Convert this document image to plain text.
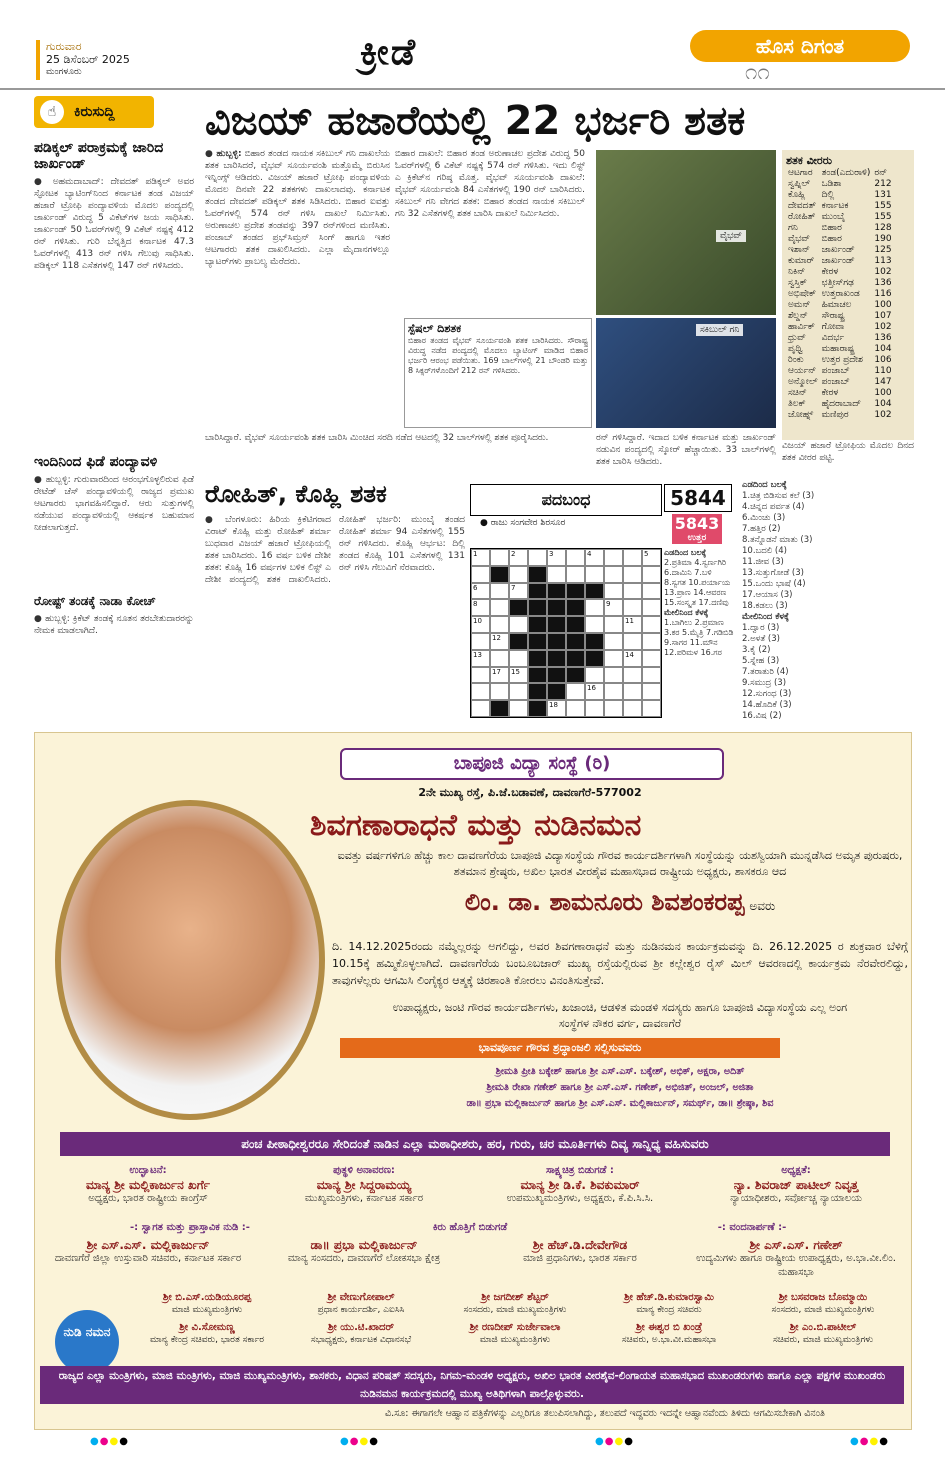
ಗುರುವಾರ
25 ಡಿಸೆಂಬರ್ 2025
ಮಂಗಳೂರು	ಕ್ರೀಡೆ	ಹೊಸ ದಿಗಂತ
೧೧
ಕಿರುಸುದ್ದಿ
☝	ವಿಜಯ್ ಹಜಾರೆಯಲ್ಲಿ 22 ಭರ್ಜರಿ ಶತಕ
ಪಡಿಕ್ಕಲ್ ಪರಾಕ್ರಮಕ್ಕೆ ಜಾರಿದ ಜಾರ್ಖಂಡ್
● ಅಹಮದಾಬಾದ್: ದೇವದತ್ ಪಡಿಕ್ಕಲ್ ಅವರ ಸ್ಫೋಟಕ ಬ್ಯಾಟಿಂಗ್‌ನಿಂದ ಕರ್ನಾಟಕ ತಂಡ ವಿಜಯ್ ಹಜಾರೆ ಟ್ರೋಫಿ ಪಂದ್ಯಾವಳಿಯ ಮೊದಲ ಪಂದ್ಯದಲ್ಲಿ ಜಾರ್ಖಂಡ್ ವಿರುದ್ಧ 5 ವಿಕೆಟ್‌ಗಳ ಜಯ ಸಾಧಿಸಿತು. ಜಾರ್ಖಂಡ್ 50 ಓವರ್‌ಗಳಲ್ಲಿ 9 ವಿಕೆಟ್ ನಷ್ಟಕ್ಕೆ 412 ರನ್ ಗಳಿಸಿತು. ಗುರಿ ಬೆನ್ನತ್ತಿದ ಕರ್ನಾಟಕ 47.3 ಓವರ್‌ಗಳಲ್ಲಿ 413 ರನ್ ಗಳಿಸಿ ಗೆಲುವು ಸಾಧಿಸಿತು. ಪಡಿಕ್ಕಲ್ 118 ಎಸೆತಗಳಲ್ಲಿ 147 ರನ್ ಗಳಿಸಿದರು.
ಇಂದಿನಿಂದ ಫಿಡೆ ಪಂದ್ಯಾವಳಿ
● ಹುಬ್ಬಳ್ಳಿ: ಗುರುವಾರದಿಂದ ಆರಂಭಗೊಳ್ಳಲಿರುವ ಫಿಡೆ ರೇಟೆಡ್ ಚೆಸ್ ಪಂದ್ಯಾವಳಿಯಲ್ಲಿ ರಾಜ್ಯದ ಪ್ರಮುಖ ಆಟಗಾರರು ಭಾಗವಹಿಸಲಿದ್ದಾರೆ. ಆರು ಸುತ್ತುಗಳಲ್ಲಿ ನಡೆಯುವ ಪಂದ್ಯಾವಳಿಯಲ್ಲಿ ಆಕರ್ಷಕ ಬಹುಮಾನ ನೀಡಲಾಗುತ್ತದೆ.
ರೋಷ್ಟ್ ತಂಡಕ್ಕೆ ನಾಡಾ ಕೋಚ್
● ಹುಬ್ಬಳ್ಳಿ: ಕ್ರಿಕೆಟ್ ತಂಡಕ್ಕೆ ನೂತನ ತರಬೇತುದಾರರನ್ನು ನೇಮಕ ಮಾಡಲಾಗಿದೆ.
● ಹುಬ್ಬಳ್ಳಿ: ಬಿಹಾರ ತಂಡದ ನಾಯಕ ಸಕಿಬುಲ್ ಗನಿ ದಾಖಲೆಯ ಶತಕ ಬಾರಿಸಿದರೆ, ವೈಭವ್ ಸೂರ್ಯವಂಶಿ ಮತ್ತೊಮ್ಮೆ ಬಿರುಸಿನ ಇನ್ನಿಂಗ್ಸ್ ಆಡಿದರು. ವಿಜಯ್ ಹಜಾರೆ ಟ್ರೋಫಿ ಪಂದ್ಯಾವಳಿಯ ಮೊದಲ ದಿನವೇ 22 ಶತಕಗಳು ದಾಖಲಾದವು. ಕರ್ನಾಟಕ ತಂಡದ ದೇವದತ್ ಪಡಿಕ್ಕಲ್ ಶತಕ ಸಿಡಿಸಿದರು. ಬಿಹಾರ ಐವತ್ತು ಓವರ್‌ಗಳಲ್ಲಿ 574 ರನ್ ಗಳಿಸಿ ದಾಖಲೆ ನಿರ್ಮಿಸಿತು. ಅರುಣಾಚಲ ಪ್ರದೇಶ ತಂಡವನ್ನು 397 ರನ್‌ಗಳಿಂದ ಮಣಿಸಿತು. ಪಂಜಾಬ್ ತಂಡದ ಪ್ರಭ್‌ಸಿಮ್ರನ್ ಸಿಂಗ್ ಹಾಗೂ ಇತರ ಆಟಗಾರರು ಶತಕ ದಾಖಲಿಸಿದರು. ಎಲ್ಲಾ ಮೈದಾನಗಳಲ್ಲೂ ಬ್ಯಾಟರ್‌ಗಳು ಪ್ರಾಬಲ್ಯ ಮೆರೆದರು.
ಬಿಹಾರ ದಾಖಲೆ: ಬಿಹಾರ ತಂಡ ಅರುಣಾಚಲ ಪ್ರದೇಶ ವಿರುದ್ಧ 50 ಓವರ್‌ಗಳಲ್ಲಿ 6 ವಿಕೆಟ್ ನಷ್ಟಕ್ಕೆ 574 ರನ್ ಗಳಿಸಿತು. ಇದು ಲಿಸ್ಟ್ ಎ ಕ್ರಿಕೆಟ್‌ನ ಗರಿಷ್ಠ ಮೊತ್ತ. ವೈಭವ್ ಸೂರ್ಯವಂಶಿ ದಾಖಲೆ: ವೈಭವ್ ಸೂರ್ಯವಂಶಿ 84 ಎಸೆತಗಳಲ್ಲಿ 190 ರನ್ ಬಾರಿಸಿದರು. ಸಕಿಬುಲ್ ಗನಿ ವೇಗದ ಶತಕ: ಬಿಹಾರ ತಂಡದ ನಾಯಕ ಸಕಿಬುಲ್ ಗನಿ 32 ಎಸೆತಗಳಲ್ಲಿ ಶತಕ ಬಾರಿಸಿ ದಾಖಲೆ ನಿರ್ಮಿಸಿದರು.
ವೈಭವ್
ಸಕಿಬುಲ್ ಗನಿ
ಸ್ಪೆಷಲ್ ದಿಶತಕ
ಬಿಹಾರ ತಂಡದ ವೈಭವ್ ಸೂರ್ಯವಂಶಿ ಶತಕ ಬಾರಿಸಿದರು. ಸೌರಾಷ್ಟ್ರ ವಿರುದ್ಧ ನಡೆದ ಪಂದ್ಯದಲ್ಲಿ ಮೊದಲು ಬ್ಯಾಟಿಂಗ್ ಮಾಡಿದ ಬಿಹಾರ ಭರ್ಜರಿ ಆರಂಭ ಪಡೆಯಿತು. 169 ಬಾಲ್‌ಗಳಲ್ಲಿ 21 ಬೌಂಡರಿ ಮತ್ತು 8 ಸಿಕ್ಸರ್‌ಗಳೊಂದಿಗೆ 212 ರನ್ ಗಳಿಸಿದರು.
ಬಾರಿಸಿದ್ದಾರೆ. ವೈಭವ್ ಸೂರ್ಯವಂಶಿ ಶತಕ ಬಾರಿಸಿ ಮಿಂಚಿದ ಸರದಿ ನಡೆದ ಆಟದಲ್ಲಿ 32 ಬಾಲ್‌ಗಳಲ್ಲಿ ಶತಕ ಪೂರೈಸಿದರು.	ರನ್ ಗಳಿಸಿದ್ದಾರೆ. ಇದಾದ ಬಳಿಕ ಕರ್ನಾಟಕ ಮತ್ತು ಜಾರ್ಖಂಡ್ ನಡುವಿನ ಪಂದ್ಯದಲ್ಲಿ ಸ್ಕೋರ್ ಹೆಚ್ಚಾಯಿತು. 33 ಬಾಲ್‌ಗಳಲ್ಲಿ ಶತಕ ಬಾರಿಸಿ ಆಡಿದರು.
ಶತಕ ವೀರರು
ಆಟಗಾರ	ತಂಡ(ಎದುರಾಳಿ)	ರನ್
ಸ್ವಪ್ನಿಲ್	ಒಡಿಶಾ	212
ಕೊಹ್ಲಿ	ದಿಲ್ಲಿ	131
ದೇವದತ್	ಕರ್ನಾಟಕ	155
ರೋಹಿತ್	ಮುಂಬೈ	155
ಗನಿ	ಬಿಹಾರ	128
ವೈಭವ್	ಬಿಹಾರ	190
ಇಶಾನ್	ಜಾರ್ಖಂಡ್	125
ಕುಮಾರ್	ಜಾರ್ಖಂಡ್	113
ನಿಕಿನ್	ಕೇರಳ	102
ಸ್ವಸ್ತಿಕ್	ಛತ್ತೀಸ್‌ಗಢ	136
ಅಭಿಷೇಕ್	ಉತ್ತರಾಖಂಡ	116
ಅಮನ್	ಹಿಮಾಚಲ	100
ಶೆಲ್ಡನ್	ಸೌರಾಷ್ಟ್ರ	107
ಹಾರ್ವಿಕ್	ಗೋವಾ	102
ಧ್ರುವ್	ವಿದರ್ಭ	136
ಪೃಥ್ವಿ	ಮಹಾರಾಷ್ಟ್ರ	104
ರಿಂಕು	ಉತ್ತರ ಪ್ರದೇಶ	106
ಆರ್ಯನ್	ಪಂಜಾಬ್	110
ಅನ್ಮೋಲ್	ಪಂಜಾಬ್	147
ಸಚಿನ್	ಕೇರಳ	100
ತಿಲಕ್	ಹೈದರಾಬಾದ್	104
ಜೋಹ್ನ್	ಮಣಿಪುರ	102
ವಿಜಯ್ ಹಜಾರೆ ಟ್ರೋಫಿಯ ಮೊದಲ ದಿನದ ಶತಕ ವೀರರ ಪಟ್ಟಿ.
ರೋಹಿತ್, ಕೊಹ್ಲಿ ಶತಕ
● ಬೆಂಗಳೂರು: ಹಿರಿಯ ಕ್ರಿಕೆಟಿಗರಾದ ವಿರಾಟ್ ಕೊಹ್ಲಿ ಮತ್ತು ರೋಹಿತ್ ಶರ್ಮಾ ಬುಧವಾರ ವಿಜಯ್ ಹಜಾರೆ ಟ್ರೋಫಿಯಲ್ಲಿ ಶತಕ ಬಾರಿಸಿದರು. 16 ವರ್ಷ ಬಳಿಕ ದೇಶೀ ಶತಕ: ಕೊಹ್ಲಿ 16 ವರ್ಷಗಳ ಬಳಿಕ ಲಿಸ್ಟ್ ಎ ದೇಶೀ ಪಂದ್ಯದಲ್ಲಿ ಶತಕ ದಾಖಲಿಸಿದರು. ರೋಹಿತ್ ಭರ್ಜರಿ: ಮುಂಬೈ ತಂಡದ ರೋಹಿತ್ ಶರ್ಮಾ 94 ಎಸೆತಗಳಲ್ಲಿ 155 ರನ್ ಗಳಿಸಿದರು. ಕೊಹ್ಲಿ ಆರ್ಭಟ: ದಿಲ್ಲಿ ತಂಡದ ಕೊಹ್ಲಿ 101 ಎಸೆತಗಳಲ್ಲಿ 131 ರನ್ ಗಳಿಸಿ ಗೆಲುವಿಗೆ ನೆರವಾದರು.
ಪದಬಂಧ	5844
5843
ಉತ್ತರ
● ರಾಜು ಸಂಗವೇರ ಶಿರಸೂರ
1	2	3	4	5
6	7
8	9
10	11
12
13	14
17	15
16
18
ಎಡದಿಂದ ಬಲಕ್ಕೆ
2.ಪ್ರತಿಮಾ 4.ಸ್ವರ್ಣಗಿರಿ
6.ದಾಮಿನಿ 7.ಬಳಿ
8.ಸ್ವಗತ 10.ಪರ್ಯಾಯ
13.ಪ್ರಾಣ 14.ಆವರಣ
15.ಸಂಸ್ಕೃತ 17.ದಣಿವು
ಮೇಲಿನಿಂದ ಕೆಳಕ್ಕೆ
1.ಬಾಗಿಲು 2.ಪ್ರಮಾಣ
3.ಕರ 5.ಮೈತ್ರಿ 7.ಗಡಿಬಿಡಿ
9.ಸಾಗರ 11.ಮೌನ
12.ಪರಿಮಳ 16.ಗರ
ಎಡದಿಂದ ಬಲಕ್ಕೆ
1.ಚಿತ್ರ ಬಿಡಿಸುವ ಕಲೆ (3)
4.ಚಿನ್ನದ ಪರ್ವತ (4)
6.ಮಿಂಚು (3)
7.ಹತ್ತಿರ (2)
8.ತನ್ನೊಡನೆ ಮಾತು (3)
10.ಬದಲಿ (4)
11.ಜೀವ (3)
13.ಸುತ್ತುಗೋಡೆ (3)
15.ಒಂದು ಭಾಷೆ (4)
17.ಆಯಾಸ (3)
18.ಕಡಲು (3)
ಮೇಲಿನಿಂದ ಕೆಳಕ್ಕೆ
1.ದ್ವಾರ (3)
2.ಅಳತೆ (3)
3.ಕೈ (2)
5.ಸ್ನೇಹ (3)
7.ತರಾತುರಿ (4)
9.ಸಮುದ್ರ (3)
12.ಸುಗಂಧ (3)
14.ಹೊದಿಕೆ (3)
16.ವಿಷ (2)
ಬಾಪೂಜಿ ವಿದ್ಯಾ ಸಂಸ್ಥೆ (ರಿ)
2ನೇ ಮುಖ್ಯ ರಸ್ತೆ, ಪಿ.ಜೆ.ಬಡಾವಣೆ, ದಾವಣಗೆರೆ-577002
ಶಿವಗಣಾರಾಧನೆ ಮತ್ತು ನುಡಿನಮನ
ಐವತ್ತು ವರ್ಷಗಳಿಗೂ ಹೆಚ್ಚು ಕಾಲ ದಾವಣಗೆರೆಯ ಬಾಪೂಜಿ ವಿದ್ಯಾಸಂಸ್ಥೆಯ ಗೌರವ ಕಾರ್ಯದರ್ಶಿಗಳಾಗಿ ಸಂಸ್ಥೆಯನ್ನು ಯಶಸ್ವಿಯಾಗಿ ಮುನ್ನಡೆಸಿದ ಅಮೃತ ಪುರುಷರು, ಶತಮಾನ ಶ್ರೇಷ್ಠರು, ಅಖಿಲ ಭಾರತ ವೀರಶೈವ ಮಹಾಸಭಾದ ರಾಷ್ಟ್ರೀಯ ಅಧ್ಯಕ್ಷರು, ಶಾಸಕರೂ ಆದ
ಲಿಂ. ಡಾ. ಶಾಮನೂರು ಶಿವಶಂಕರಪ್ಪ ಅವರು
ದಿ. 14.12.2025ರಂದು ನಮ್ಮೆಲ್ಲರನ್ನು ಅಗಲಿದ್ದು, ಅವರ ಶಿವಗಣಾರಾಧನೆ ಮತ್ತು ನುಡಿನಮನ ಕಾರ್ಯಕ್ರಮವನ್ನು ದಿ. 26.12.2025 ರ ಶುಕ್ರವಾರ ಬೆಳಿಗ್ಗೆ 10.15ಕ್ಕೆ ಹಮ್ಮಿಕೊಳ್ಳಲಾಗಿದೆ. ದಾವಣಗೆರೆಯ ಬಂಬೂಬಜಾರ್ ಮುಖ್ಯ ರಸ್ತೆಯಲ್ಲಿರುವ ಶ್ರೀ ಕಲ್ಲೇಶ್ವರ ರೈಸ್ ಮಿಲ್ ಆವರಣದಲ್ಲಿ ಕಾರ್ಯಕ್ರಮ ನೆರವೇರಲಿದ್ದು, ತಾವುಗಳೆಲ್ಲರು ಆಗಮಿಸಿ ಲಿಂಗೈಕ್ಯರ ಆತ್ಮಕ್ಕೆ ಚಿರಶಾಂತಿ ಕೋರಲು ವಿನಂತಿಸುತ್ತೇವೆ.
ಉಪಾಧ್ಯಕ್ಷರು, ಜಂಟಿ ಗೌರವ ಕಾರ್ಯದರ್ಶಿಗಳು, ಖಜಾಂಚಿ, ಆಡಳಿತ ಮಂಡಳಿ ಸದಸ್ಯರು ಹಾಗೂ ಬಾಪೂಜಿ ವಿದ್ಯಾಸಂಸ್ಥೆಯ ಎಲ್ಲ ಅಂಗ ಸಂಸ್ಥೆಗಳ ನೌಕರ ವರ್ಗ, ದಾವಣಗೆರೆ
ಭಾವಪೂರ್ಣ ಗೌರವ ಶ್ರದ್ಧಾಂಜಲಿ ಸಲ್ಲಿಸುವವರು
ಶ್ರೀಮತಿ ಪ್ರೀತಿ ಬಕ್ಕೇಶ್ ಹಾಗೂ ಶ್ರೀ ಎಸ್.ಎಸ್. ಬಕ್ಕೇಶ್, ಅಭಿಕ್, ಅಕ್ಷರಾ, ಅದಿತ್
ಶ್ರೀಮತಿ ರೇಖಾ ಗಣೇಶ್ ಹಾಗೂ ಶ್ರೀ ಎಸ್.ಎಸ್. ಗಣೇಶ್, ಅಭಿಜಿತ್, ಅಂಜಲ್, ಅಜಿತಾ
ಡಾ॥ ಪ್ರಭಾ ಮಲ್ಲಿಕಾರ್ಜುನ್ ಹಾಗೂ ಶ್ರೀ ಎಸ್.ಎಸ್. ಮಲ್ಲಿಕಾರ್ಜುನ್, ಸಮರ್ಥ್, ಡಾ॥ ಶ್ರೇಷ್ಠಾ, ಶಿವ
ಪಂಚ ಪೀಠಾಧೀಶ್ವರರೂ ಸೇರಿದಂತೆ ನಾಡಿನ ಎಲ್ಲಾ ಮಠಾಧೀಶರು, ಹರ, ಗುರು, ಚರ ಮೂರ್ತಿಗಳು ದಿವ್ಯ ಸಾನ್ನಿಧ್ಯ ವಹಿಸುವರು
ಉದ್ಘಾಟನೆ:
ಮಾನ್ಯ ಶ್ರೀ ಮಲ್ಲಿಕಾರ್ಜುನ ಖರ್ಗೆ
ಅಧ್ಯಕ್ಷರು, ಭಾರತ ರಾಷ್ಟ್ರೀಯ ಕಾಂಗ್ರೆಸ್
ಪುತ್ಥಳಿ ಅನಾವರಣ:
ಮಾನ್ಯ ಶ್ರೀ ಸಿದ್ದರಾಮಯ್ಯ
ಮುಖ್ಯಮಂತ್ರಿಗಳು, ಕರ್ನಾಟಕ ಸರ್ಕಾರ
ಸಾಕ್ಷ್ಯಚಿತ್ರ ಬಿಡುಗಡೆ :
ಮಾನ್ಯ ಶ್ರೀ ಡಿ.ಕೆ. ಶಿವಕುಮಾರ್
ಉಪಮುಖ್ಯಮಂತ್ರಿಗಳು, ಅಧ್ಯಕ್ಷರು, ಕೆ.ಪಿ.ಸಿ.ಸಿ.
ಅಧ್ಯಕ್ಷತೆ:
ನ್ಯಾ. ಶಿವರಾಜ್ ಪಾಟೀಲ್ ನಿವೃತ್ತ
ನ್ಯಾಯಾಧೀಶರು, ಸರ್ವೋಚ್ಚ ನ್ಯಾಯಾಲಯ
-: ಸ್ವಾಗತ ಮತ್ತು ಪ್ರಾಸ್ತಾವಿಕ ನುಡಿ :-	ಕಿರು ಹೊತ್ತಿಗೆ ಬಿಡುಗಡೆ	-: ವಂದನಾರ್ಪಣೆ :-
ಶ್ರೀ ಎಸ್.ಎಸ್. ಮಲ್ಲಿಕಾರ್ಜುನ್
ದಾವಣಗೆರೆ ಜಿಲ್ಲಾ ಉಸ್ತುವಾರಿ ಸಚಿವರು, ಕರ್ನಾಟಕ ಸರ್ಕಾರ
ಡಾ॥ ಪ್ರಭಾ ಮಲ್ಲಿಕಾರ್ಜುನ್
ಮಾನ್ಯ ಸಂಸದರು, ದಾವಣಗೆರೆ ಲೋಕಸಭಾ ಕ್ಷೇತ್ರ
ಶ್ರೀ ಹೆಚ್.ಡಿ.ದೇವೇಗೌಡ
ಮಾಜಿ ಪ್ರಧಾನಿಗಳು, ಭಾರತ ಸರ್ಕಾರ
ಶ್ರೀ ಎಸ್.ಎಸ್. ಗಣೇಶ್
ಉದ್ಯಮಿಗಳು ಹಾಗೂ ರಾಷ್ಟ್ರೀಯ ಉಪಾಧ್ಯಕ್ಷರು, ಅ.ಭಾ.ವೀ.ಲಿಂ. ಮಹಾಸಭಾ
ನುಡಿ ನಮನ
ಶ್ರೀ ಬಿ.ಎಸ್.ಯಡಿಯೂರಪ್ಪ
ಮಾಜಿ ಮುಖ್ಯಮಂತ್ರಿಗಳು
ಶ್ರೀ ವೇಣುಗೋಪಾಲ್
ಪ್ರಧಾನ ಕಾರ್ಯದರ್ಶಿ, ಎಐಸಿಸಿ
ಶ್ರೀ ಜಗದೀಶ್ ಶೆಟ್ಟರ್
ಸಂಸದರು, ಮಾಜಿ ಮುಖ್ಯಮಂತ್ರಿಗಳು
ಶ್ರೀ ಹೆಚ್.ಡಿ.ಕುಮಾರಸ್ವಾಮಿ
ಮಾನ್ಯ ಕೇಂದ್ರ ಸಚಿವರು
ಶ್ರೀ ಬಸವರಾಜ ಬೊಮ್ಮಾಯಿ
ಸಂಸದರು, ಮಾಜಿ ಮುಖ್ಯಮಂತ್ರಿಗಳು
ಶ್ರೀ ವಿ.ಸೋಮಣ್ಣ
ಮಾನ್ಯ ಕೇಂದ್ರ ಸಚಿವರು, ಭಾರತ ಸರ್ಕಾರ
ಶ್ರೀ ಯು.ಟಿ.ಖಾದರ್
ಸಭಾಧ್ಯಕ್ಷರು, ಕರ್ನಾಟಕ ವಿಧಾನಸಭೆ
ಶ್ರೀ ರಣದೀಪ್ ಸುರ್ಜೇವಾಲಾ
ಮಾಜಿ ಮುಖ್ಯಮಂತ್ರಿಗಳು
ಶ್ರೀ ಈಶ್ವರ ಬಿ ಖಂಡ್ರೆ
ಸಚಿವರು, ಅ.ಭಾ.ವೀ.ಮಹಾಸಭಾ
ಶ್ರೀ ಎಂ.ಬಿ.ಪಾಟೀಲ್
ಸಚಿವರು, ಮಾಜಿ ಮುಖ್ಯಮಂತ್ರಿಗಳು
ರಾಜ್ಯದ ಎಲ್ಲಾ ಮಂತ್ರಿಗಳು, ಮಾಜಿ ಮಂತ್ರಿಗಳು, ಮಾಜಿ ಮುಖ್ಯಮಂತ್ರಿಗಳು, ಶಾಸಕರು, ವಿಧಾನ ಪರಿಷತ್ ಸದಸ್ಯರು, ನಿಗಮ-ಮಂಡಳಿ ಅಧ್ಯಕ್ಷರು, ಅಖಿಲ ಭಾರತ ವೀರಶೈವ-ಲಿಂಗಾಯತ ಮಹಾಸಭಾದ ಮುಖಂಡರುಗಳು ಹಾಗೂ ಎಲ್ಲಾ ಪಕ್ಷಗಳ ಮುಖಂಡರು ನುಡಿನಮನ ಕಾರ್ಯಕ್ರಮದಲ್ಲಿ ಮುಖ್ಯ ಅತಿಥಿಗಳಾಗಿ ಪಾಲ್ಗೊಳ್ಳುವರು.
ವಿ.ಸೂ: ಈಗಾಗಲೇ ಆಹ್ವಾನ ಪತ್ರಿಕೆಗಳನ್ನು ಎಲ್ಲರಿಗೂ ತಲುಪಿಸಲಾಗಿದ್ದು, ತಲುಪದೆ ಇದ್ದವರು ಇದನ್ನೇ ಆಹ್ವಾನವೆಂದು ತಿಳಿದು ಆಗಮಿಸಬೇಕಾಗಿ ವಿನಂತಿ
●●●●	●●●●	●●●●	●●●●
